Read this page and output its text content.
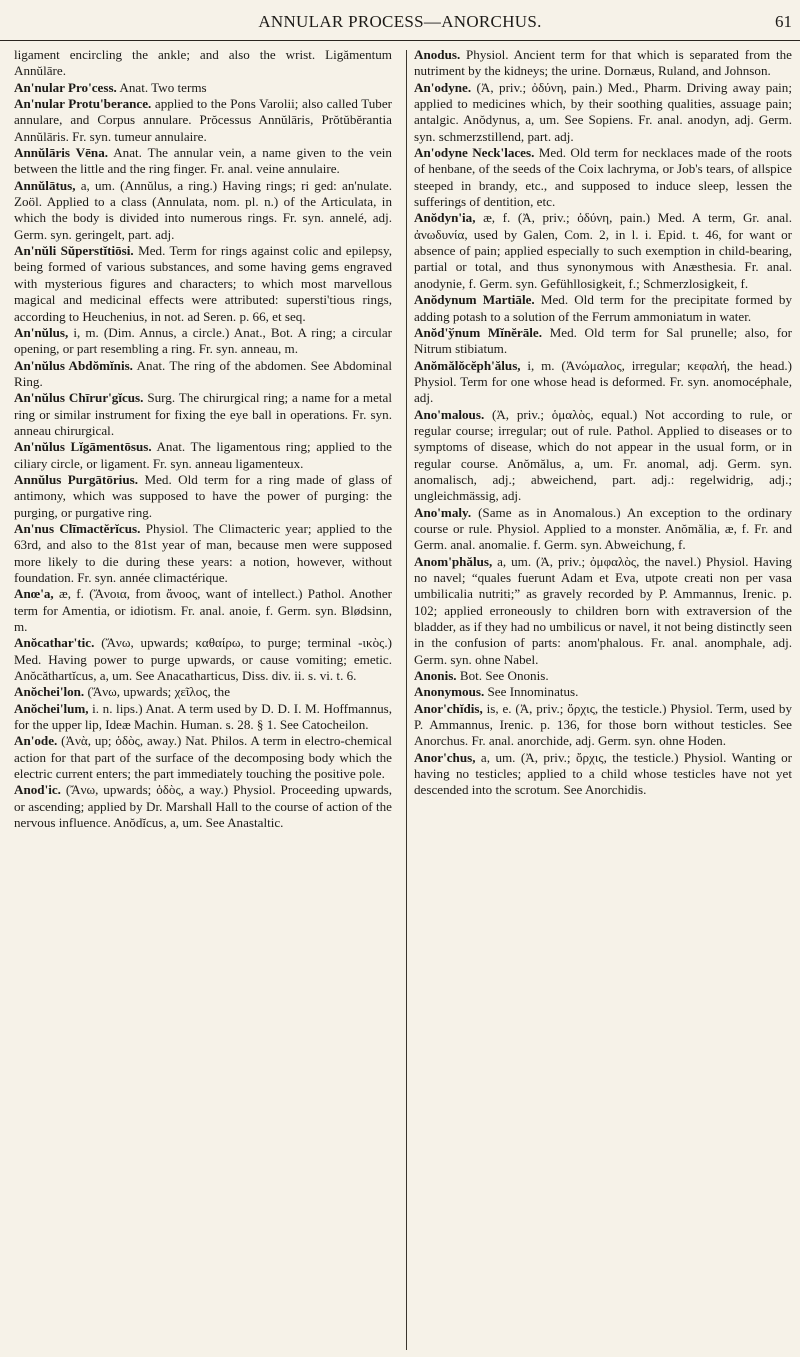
ANNULAR PROCESS—ANORCHUS.	61

ligament encircling the ankle; and also the wrist. Ligămentum Annŭlāre.

An'nular Pro'cess. Anat. Two terms

An'nular Protu'berance. applied to the Pons Varolii; also called Tuber annulare, and Corpus annulare. Prŏcessus Annŭlāris, Prŏtŭbĕrantia Annŭlāris. Fr. syn. tumeur annulaire.

Annŭlāris Vēna. Anat. The annular vein, a name given to the vein between the little and the ring finger. Fr. anal. veine annulaire.

Annŭlātus, a, um. (Annŭlus, a ring.) Having rings; ri ged: an'nulate. Zoöl. Applied to a class (Annulata, nom. pl. n.) of the Articulata, in which the body is divided into numerous rings. Fr. syn. annelé, adj. Germ. syn. geringelt, part. adj.

An'nŭli Sŭperstĭtiōsi. Med. Term for rings against colic and epilepsy, being formed of various substances, and some having gems engraved with mysterious figures and characters; to which most marvellous magical and medicinal effects were attributed: supersti'tious rings, according to Heuchenius, in not. ad Seren. p. 66, et seq.

An'nŭlus, i, m. (Dim. Annus, a circle.) Anat., Bot. A ring; a circular opening, or part resembling a ring. Fr. syn. anneau, m.

An'nŭlus Abdŏmĭnis. Anat. The ring of the abdomen. See Abdominal Ring.

An'nŭlus Chīrur'gĭcus. Surg. The chirurgical ring; a name for a metal ring or similar instrument for fixing the eye ball in operations. Fr. syn. anneau chirurgical.

An'nŭlus Lĭgāmentōsus. Anat. The ligamentous ring; applied to the ciliary circle, or ligament. Fr. syn. anneau ligamenteux.

Annŭlus Purgātōrius. Med. Old term for a ring made of glass of antimony, which was supposed to have the power of purging: the purging, or purgative ring.

An'nus Clīmactĕrĭcus. Physiol. The Climacteric year; applied to the 63rd, and also to the 81st year of man, because men were supposed more likely to die during these years: a notion, however, without foundation. Fr. syn. année climactérique.

Anœ'a, æ, f. (Ἄνοια, from ἄνοος, want of intellect.) Pathol. Another term for Amentia, or idiotism. Fr. anal. anoie, f. Germ. syn. Blødsinn, m.

Anŏcathar'tic. (Ἄνω, upwards; καθαίρω, to purge; terminal -ικὸς.) Med. Having power to purge upwards, or cause vomiting; emetic. Anŏcăthartĭcus, a, um. See Anacatharticus, Diss. div. ii. s. vi. t. 6.

Anŏchei'lon. (Ἄνω, upwards; χεῖλος, the

Anŏchei'lum, i. n. lips.) Anat. A term used by D. D. I. M. Hoffmannus, for the upper lip, Ideæ Machin. Human. s. 28. § 1. See Catocheilon.

An'ode. (Ἀνὰ, up; ὁδὸς, away.) Nat. Philos. A term in electro-chemical action for that part of the surface of the decomposing body which the electric current enters; the part immediately touching the positive pole.

Anod'ic. (Ἄνω, upwards; ὁδὸς, a way.) Physiol. Proceeding upwards, or ascending; applied by Dr. Marshall Hall to the course of action of the nervous influence. Anŏdĭcus, a, um. See Anastaltic.

Anodus. Physiol. Ancient term for that which is separated from the nutriment by the kidneys; the urine. Dornæus, Ruland, and Johnson.

An'odyne. (Ἀ, priv.; ὀδύνη, pain.) Med., Pharm. Driving away pain; applied to medicines which, by their soothing qualities, assuage pain; antalgic. Anŏdynus, a, um. See Sopiens. Fr. anal. anodyn, adj. Germ. syn. schmerzstillend, part. adj.

An'odyne Neck'laces. Med. Old term for necklaces made of the roots of henbane, of the seeds of the Coix lachryma, or Job's tears, of allspice steeped in brandy, etc., and supposed to induce sleep, lessen the sufferings of dentition, etc.

Anŏdyn'ia, æ, f. (Ἀ, priv.; ὀδύνη, pain.) Med. A term, Gr. anal. ἀνωδυνία, used by Galen, Com. 2, in l. i. Epid. t. 46, for want or absence of pain; applied especially to such exemption in child-bearing, partial or total, and thus synonymous with Anæsthesia. Fr. anal. anodynie, f. Germ. syn. Gefühllosigkeit, f.; Schmerzlosigkeit, f.

Anŏdynum Martiāle. Med. Old term for the precipitate formed by adding potash to a solution of the Ferrum ammoniatum in water.

Anŏd'ўnum Mĭnĕrāle. Med. Old term for Sal prunelle; also, for Nitrum stibiatum.

Anŏmălŏcĕph'ălus, i, m. (Ἀνώμαλος, irregular; κεφαλή, the head.) Physiol. Term for one whose head is deformed. Fr. syn. anomocéphale, adj.

Ano'malous. (Ἀ, priv.; ὁμαλὸς, equal.) Not according to rule, or regular course; irregular; out of rule. Pathol. Applied to diseases or to symptoms of disease, which do not appear in the usual form, or in regular course. Anŏmălus, a, um. Fr. anomal, adj. Germ. syn. anomalisch, adj.; abweichend, part. adj.: regelwidrig, adj.; ungleichmässig, adj.

Ano'maly. (Same as in Anomalous.) An exception to the ordinary course or rule. Physiol. Applied to a monster. Anŏmălia, æ, f. Fr. and Germ. anal. anomalie. f. Germ. syn. Abweichung, f.

Anom'phălus, a, um. (Ἀ, priv.; ὀμφαλὸς, the navel.) Physiol. Having no navel; “quales fuerunt Adam et Eva, utpote creati non per vasa umbilicalia nutriti;” as gravely recorded by P. Ammannus, Irenic. p. 102; applied erroneously to children born with extraversion of the bladder, as if they had no umbilicus or navel, it not being distinctly seen in the confusion of parts: anom'phalous. Fr. anal. anomphale, adj. Germ. syn. ohne Nabel.

Anonis. Bot. See Ononis.

Anonymous. See Innominatus.

Anor'chĭdis, is, e. (Ἀ, priv.; ὄρχις, the testicle.) Physiol. Term, used by P. Ammannus, Irenic. p. 136, for those born without testicles. See Anorchus. Fr. anal. anorchide, adj. Germ. syn. ohne Hoden.

Anor'chus, a, um. (Ἀ, priv.; ὄρχις, the testicle.) Physiol. Wanting or having no testicles; applied to a child whose testicles have not yet descended into the scrotum. See Anorchidis.
